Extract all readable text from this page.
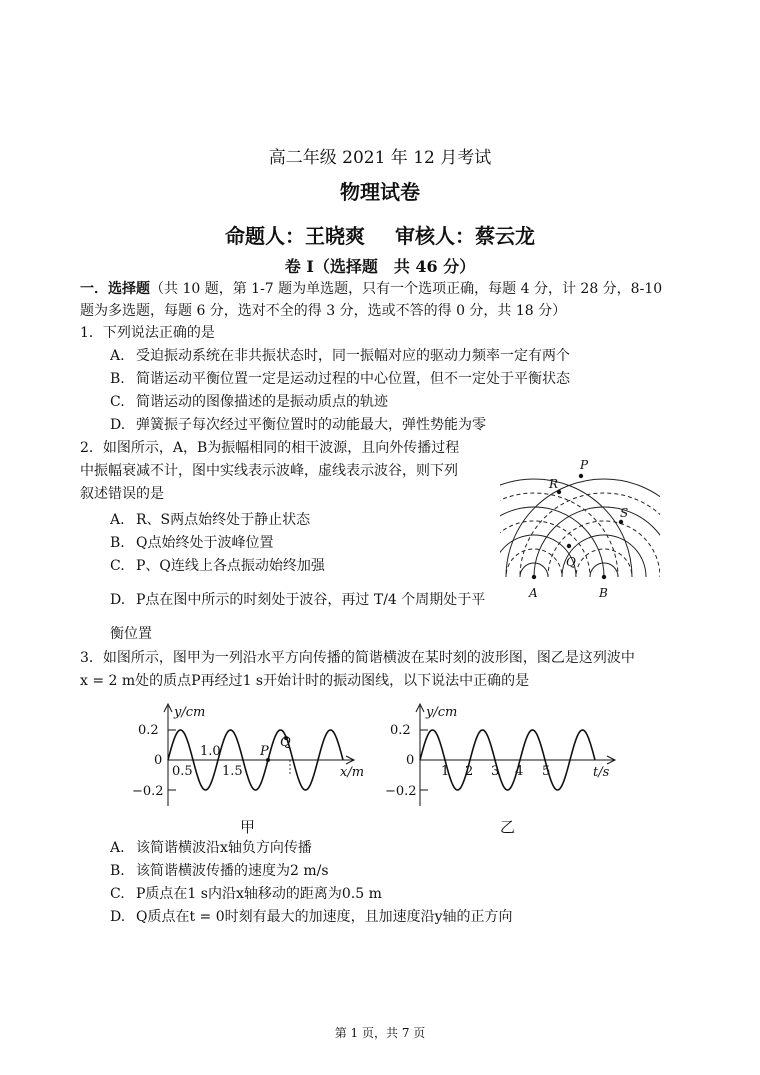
高二年级 2021 年 12 月考试
物理试卷
命题人：王晓爽 审核人：蔡云龙
卷 I（选择题　共 46 分）
一．选择题（共 10 题，第 1-7 题为单选题，只有一个选项正确，每题 4 分，计 28 分，8-10
题为多选题，每题 6 分，选对不全的得 3 分，选或不答的得 0 分，共 18 分）
1．下列说法正确的是
A. 受迫振动系统在非共振状态时，同一振幅对应的驱动力频率一定有两个
B. 简谐运动平衡位置一定是运动过程的中心位置，但不一定处于平衡状态
C. 简谐运动的图像描述的是振动质点的轨迹
D. 弹簧振子每次经过平衡位置时的动能最大，弹性势能为零
2．如图所示，A，B为振幅相同的相干波源，且向外传播过程
中振幅衰减不计，图中实线表示波峰，虚线表示波谷，则下列
叙述错误的是
A. R、S两点始终处于静止状态
B. Q点始终处于波峰位置
C. P、Q连线上各点振动始终加强
D. P点在图中所示的时刻处于波谷，再过 T/4 个周期处于平
衡位置
P
R
S
Q
A	B
3．如图所示，图甲为一列沿水平方向传播的简谐横波在某时刻的波形图，图乙是这列波中
x = 2 m处的质点P再经过1 s开始计时的振动图线，以下说法中正确的是
y/cm
0.2
0
−0.2
0.5
1.0
1.5
P
Q
x/m
甲
y/cm
0.2
0
−0.2
1 2 3 4 5	t/s
乙
A. 该简谐横波沿x轴负方向传播
B. 该简谐横波传播的速度为2 m/s
C. P质点在1 s内沿x轴移动的距离为0.5 m
D. Q质点在t = 0时刻有最大的加速度，且加速度沿y轴的正方向
第 1 页，共 7 页
